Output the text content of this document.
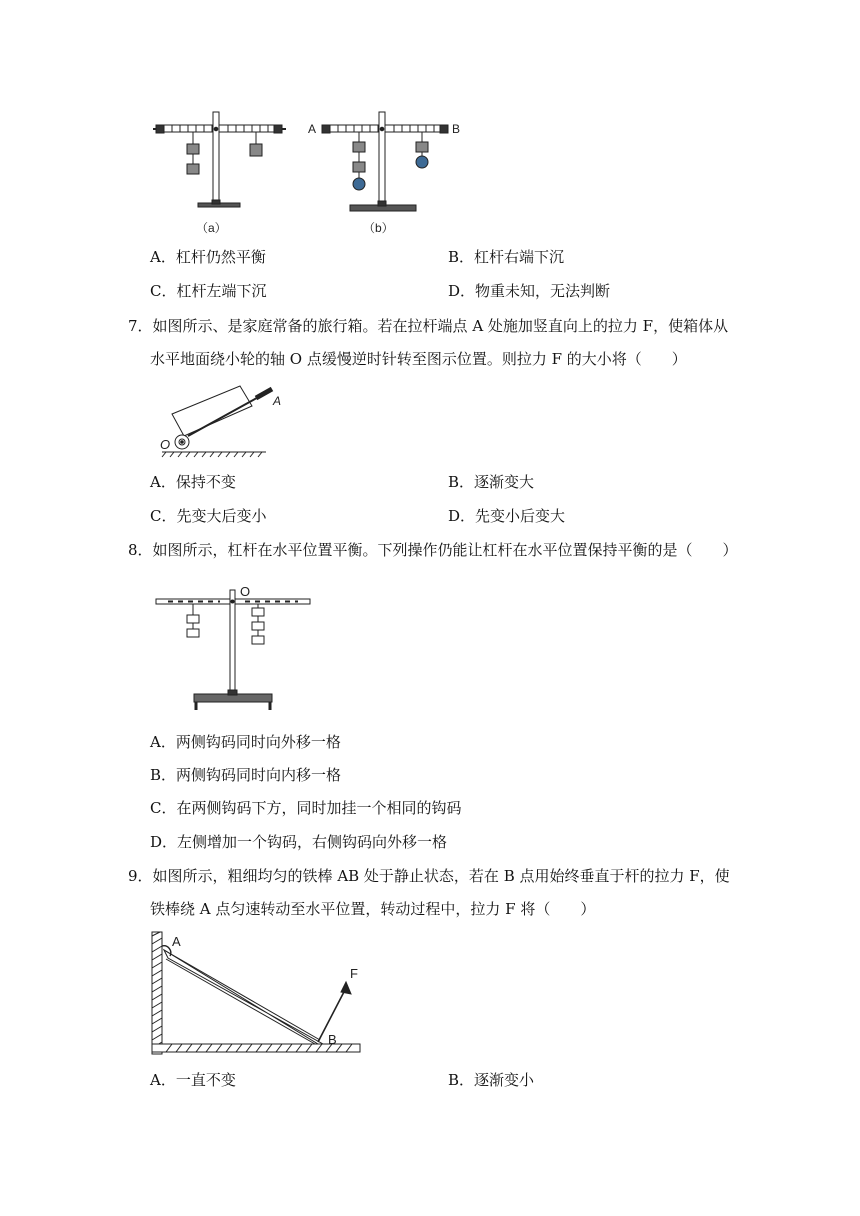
（a）
A	B
（b）
A．杠杆仍然平衡	B．杠杆右端下沉
C．杠杆左端下沉	D．物重未知，无法判断
7．如图所示、是家庭常备的旅行箱。若在拉杆端点 A 处施加竖直向上的拉力 F，使箱体从
水平地面绕小轮的轴 O 点缓慢逆时针转至图示位置。则拉力 F 的大小将（　　）
A
O
A．保持不变	B．逐渐变大
C．先变大后变小	D．先变小后变大
8．如图所示，杠杆在水平位置平衡。下列操作仍能让杠杆在水平位置保持平衡的是（　　）
O
A．两侧钩码同时向外移一格
B．两侧钩码同时向内移一格
C．在两侧钩码下方，同时加挂一个相同的钩码
D．左侧增加一个钩码，右侧钩码向外移一格
9．如图所示，粗细均匀的铁棒 AB 处于静止状态，若在 B 点用始终垂直于杆的拉力 F，使
铁棒绕 A 点匀速转动至水平位置，转动过程中，拉力 F 将（　　）
A
B
F
A．一直不变	B．逐渐变小
